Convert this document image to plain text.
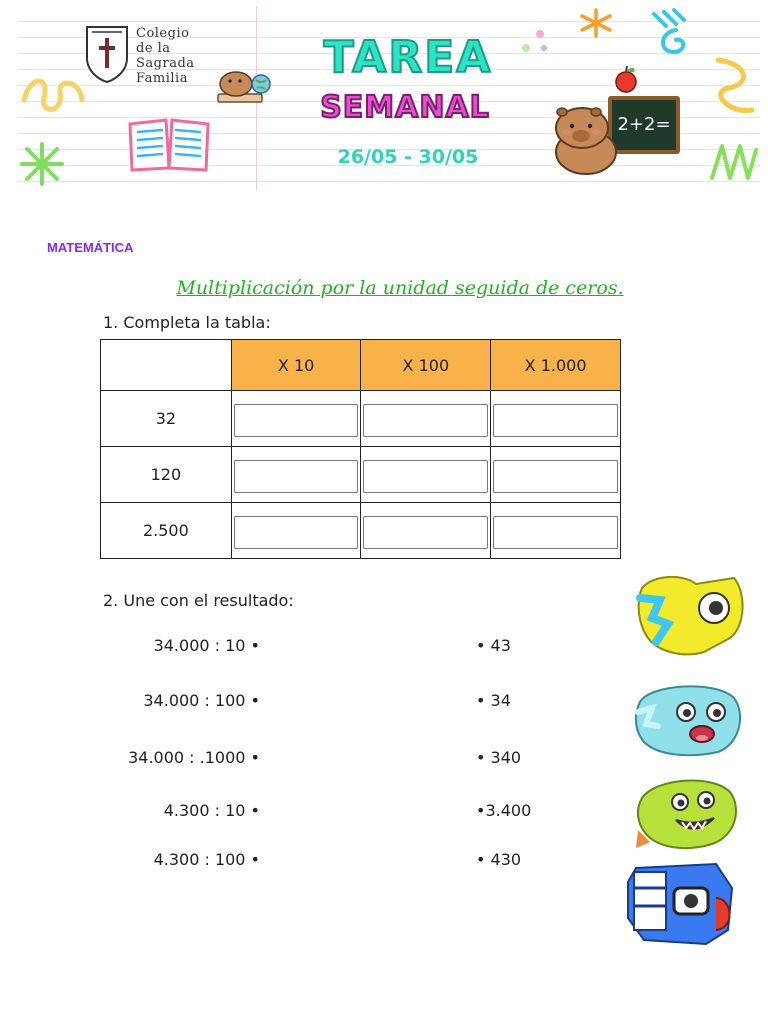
Colegio
de la
Sagrada
Familia	TAREA
SEMANAL
26/05 - 30/05
2+2=
MATEMÁTICA
Multiplicación por la unidad seguida de ceros.
1. Completa la tabla:
	X 10	X 100	X 1.000
32	

120	

2.500	

2. Une con el resultado:
34.000 : 10 •
34.000 : 100 •
34.000 : .1000 •
4.300 : 10 •
4.300 : 100 •
• 43
• 34
• 340
•3.400
• 430
